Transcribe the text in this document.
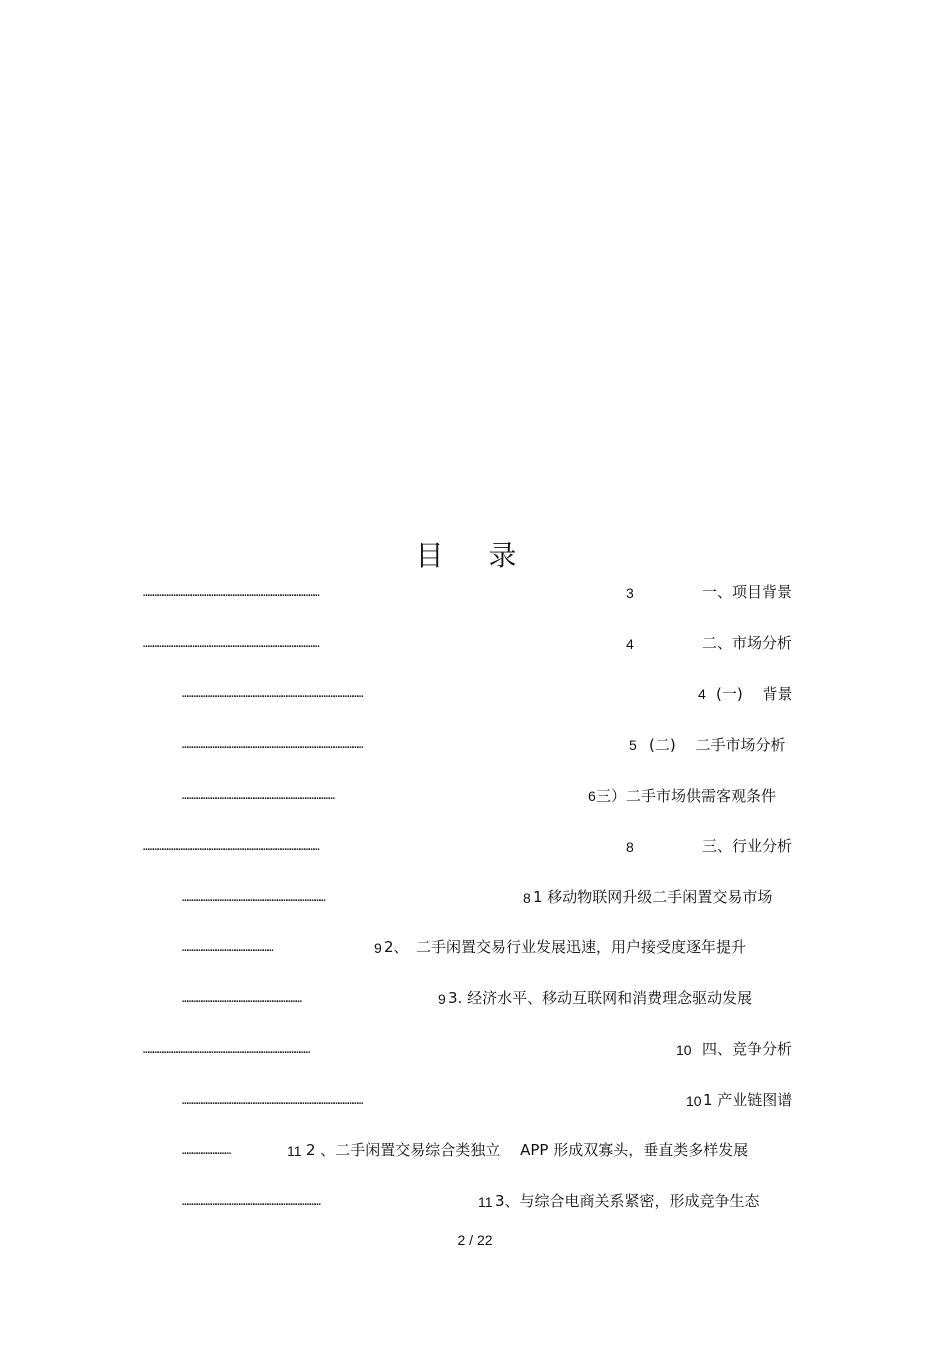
目 录
…………………………………………………………………………………………………	3	一、项目背景
…………………………………………………………………………………………………	4	二、市场分析
……………………………………………………………………………………………………	4 (一)　 背景
……………………………………………………………………………………………………	5 (二)　 二手市场分析
……………………………………………………………………………………	6 三）二手市场供需客观条件
…………………………………………………………………………………………………	8	三、行业分析
………………………………………………………………………………	8 1 移动物联网升级二手闲置交易市场
…………………………………………………	9 2、　二手闲置交易行业发展迅速，用户接受度逐年提升
…………………………………………………………………	9 3. 经济水平、移动互联网和消费理念驱动发展
……………………………………………………………………………………………	10 四、竞争分析
……………………………………………………………………………………………………	10 1 产业链图谱
…………………………	11 2 、二手闲置交易综合类独立　 APP 形成双寡头，垂直类多样发展
……………………………………………………………………………	11 3、与综合电商关系紧密，形成竞争生态
2 / 22
